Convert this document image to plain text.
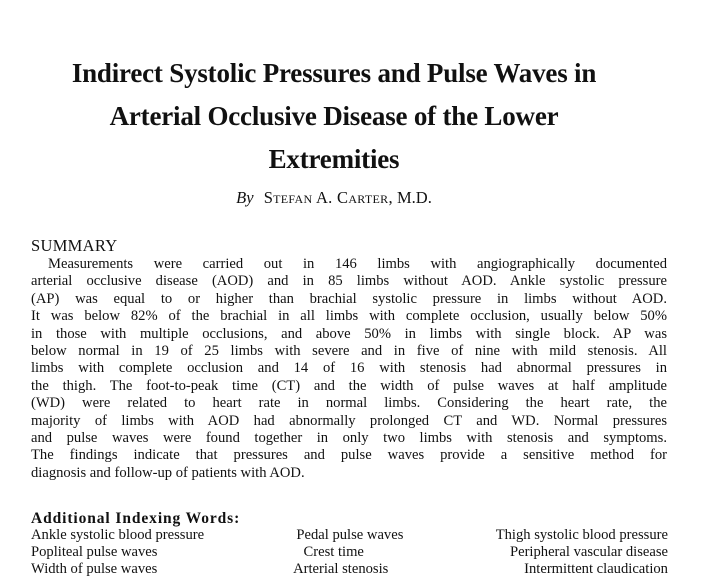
Indirect Systolic Pressures and Pulse Waves in
Arterial Occlusive Disease of the Lower
Extremities
By Stefan A. Carter, M.D.
SUMMARY
Measurements were carried out in 146 limbs with angiographically documented
arterial occlusive disease (AOD) and in 85 limbs without AOD. Ankle systolic pressure
(AP) was equal to or higher than brachial systolic pressure in limbs without AOD.
It was below 82% of the brachial in all limbs with complete occlusion, usually below 50%
in those with multiple occlusions, and above 50% in limbs with single block. AP was
below normal in 19 of 25 limbs with severe and in five of nine with mild stenosis. All
limbs with complete occlusion and 14 of 16 with stenosis had abnormal pressures in
the thigh. The foot-to-peak time (CT) and the width of pulse waves at half amplitude
(WD) were related to heart rate in normal limbs. Considering the heart rate, the
majority of limbs with AOD had abnormally prolonged CT and WD. Normal pressures
and pulse waves were found together in only two limbs with stenosis and symptoms.
The findings indicate that pressures and pulse waves provide a sensitive method for
diagnosis and follow-up of patients with AOD.
Additional Indexing Words:
Ankle systolic blood pressure	Pedal pulse waves	Thigh systolic blood pressure
Popliteal pulse waves	Crest time	Peripheral vascular disease
Width of pulse waves	Arterial stenosis	Intermittent claudication
